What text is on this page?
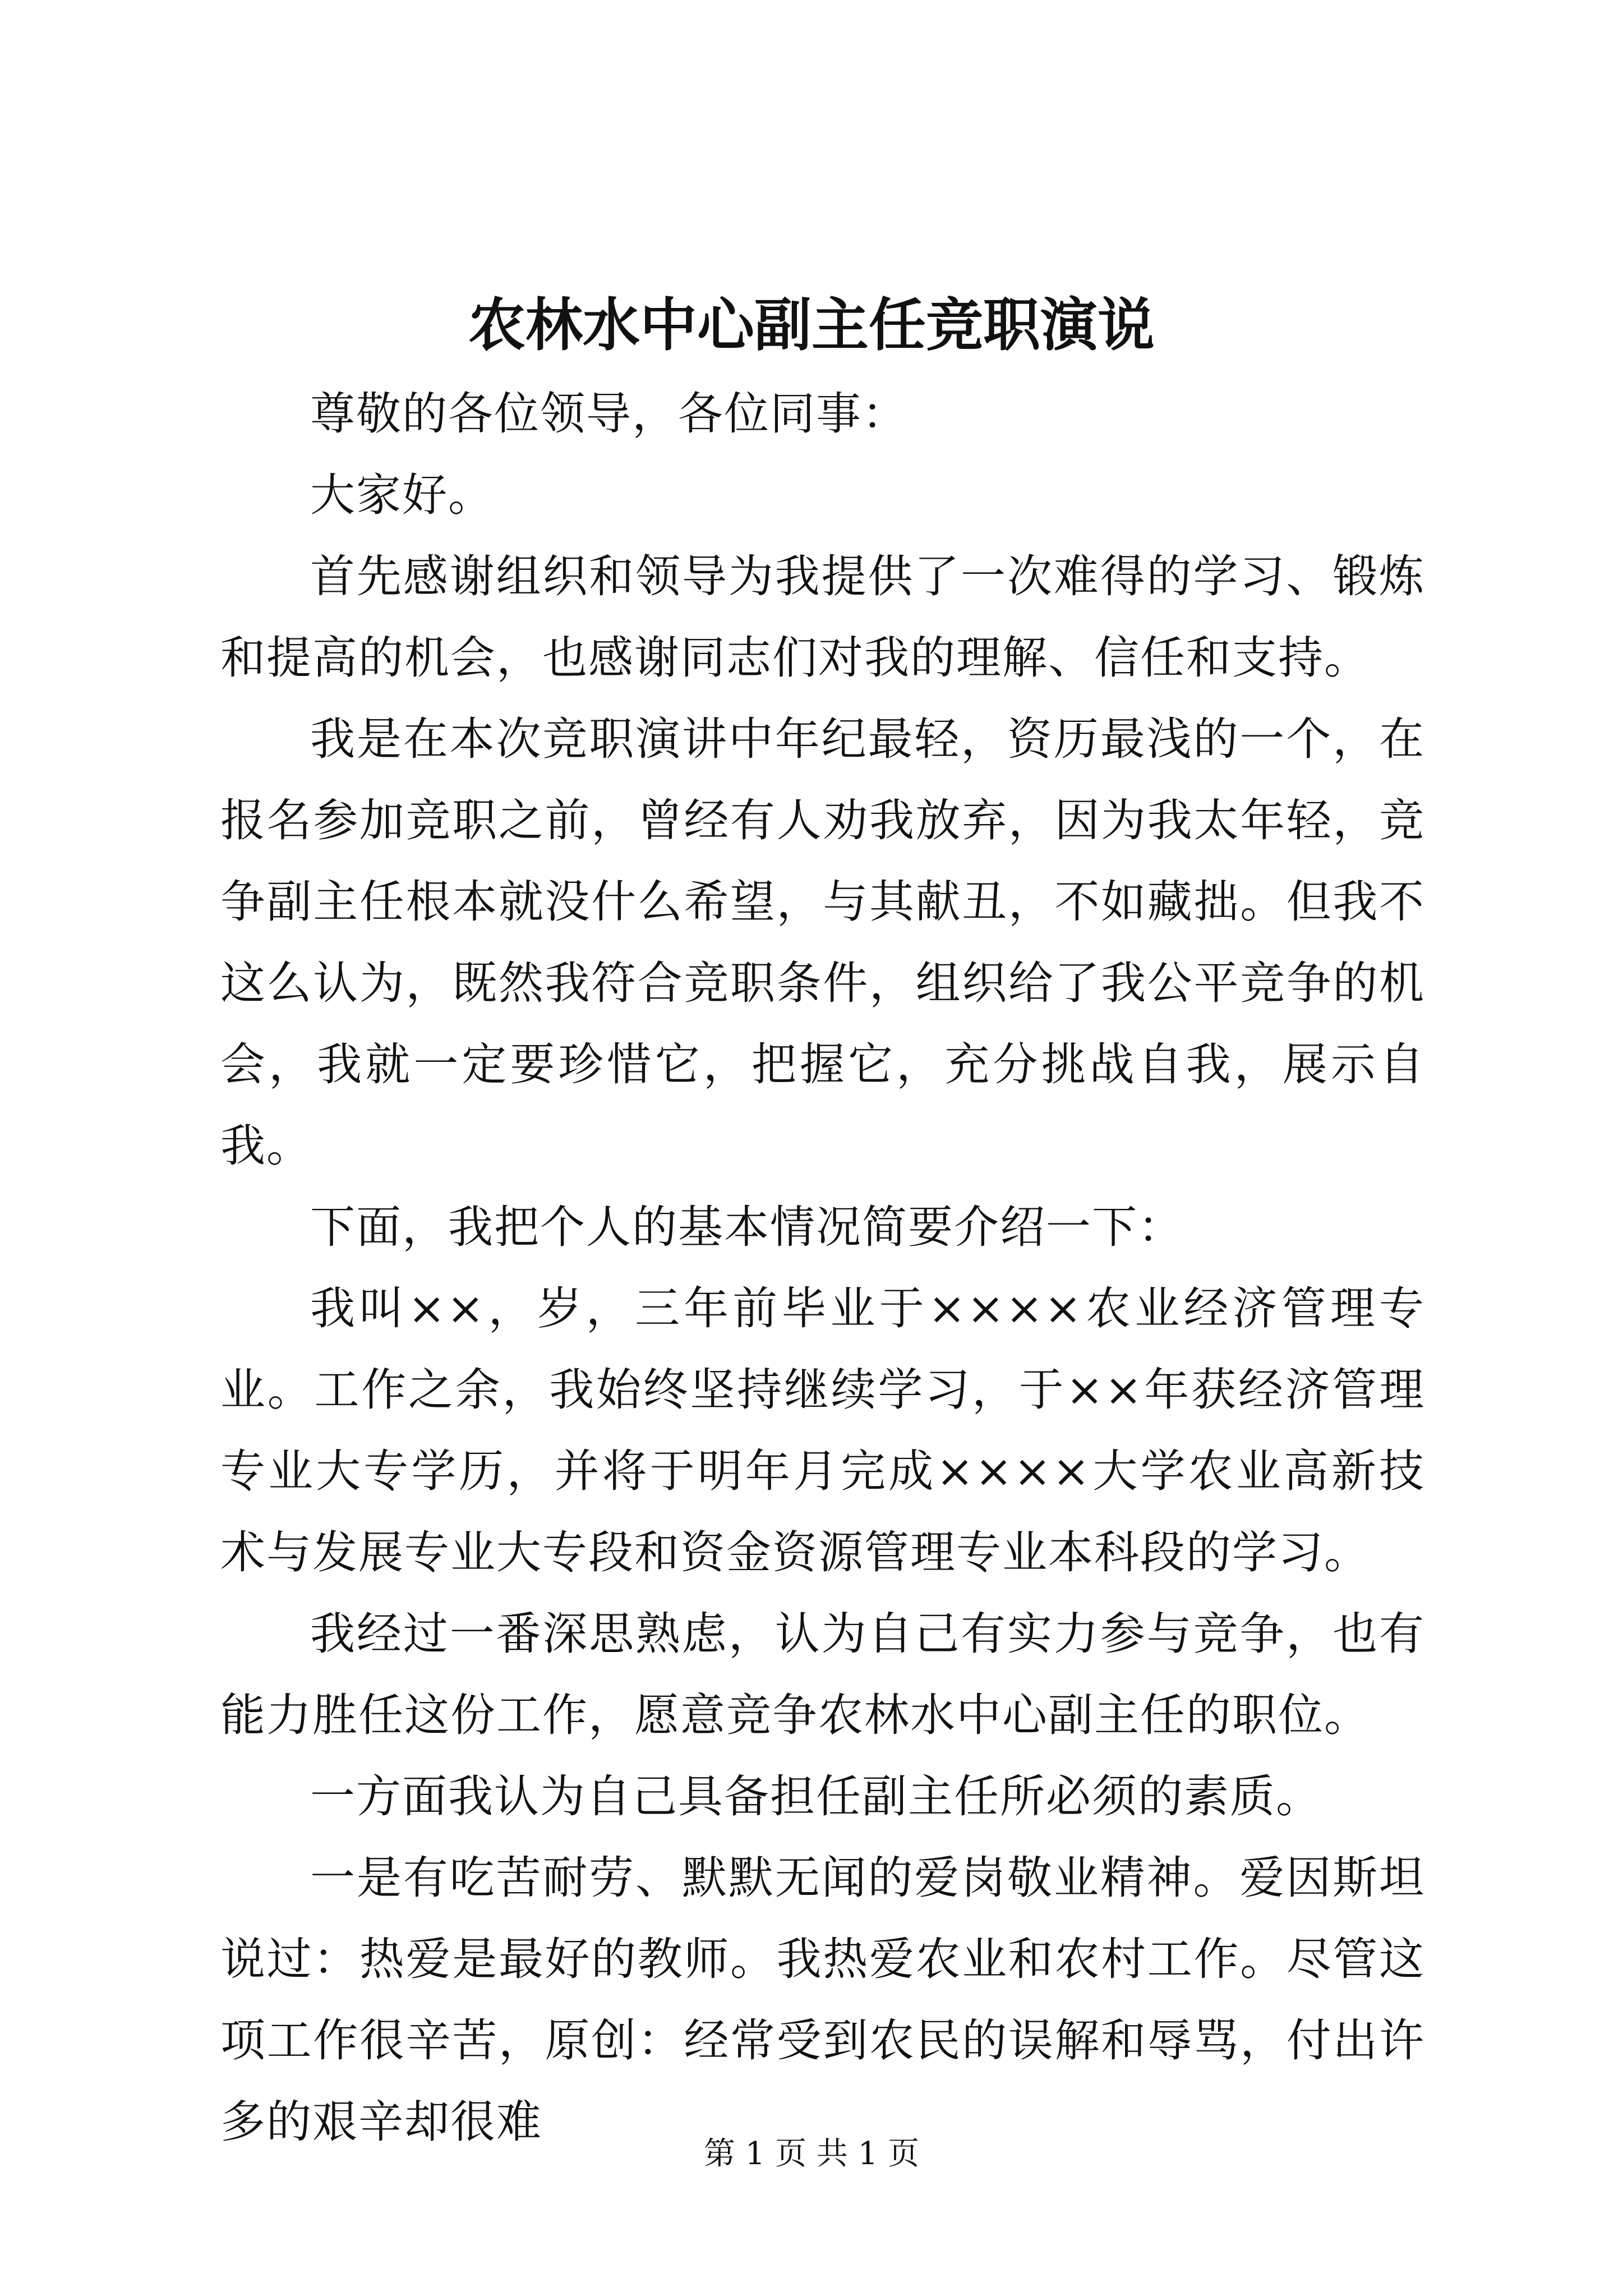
农林水中心副主任竞职演说

尊敬的各位领导，各位同事：

大家好。

首先感谢组织和领导为我提供了一次难得的学习、锻炼和提高的机会，也感谢同志们对我的理解、信任和支持。

我是在本次竞职演讲中年纪最轻，资历最浅的一个，在报名参加竞职之前，曾经有人劝我放弃，因为我太年轻，竞争副主任根本就没什么希望，与其献丑，不如藏拙。但我不这么认为，既然我符合竞职条件，组织给了我公平竞争的机会，我就一定要珍惜它，把握它，充分挑战自我，展示自我。

下面，我把个人的基本情况简要介绍一下：

我叫××，岁，三年前毕业于××××农业经济管理专业。工作之余，我始终坚持继续学习，于××年获经济管理专业大专学历，并将于明年月完成××××大学农业高新技术与发展专业大专段和资金资源管理专业本科段的学习。

我经过一番深思熟虑，认为自己有实力参与竞争，也有能力胜任这份工作，愿意竞争农林水中心副主任的职位。

一方面我认为自己具备担任副主任所必须的素质。

一是有吃苦耐劳、默默无闻的爱岗敬业精神。爱因斯坦说过：热爱是最好的教师。我热爱农业和农村工作。尽管这项工作很辛苦，原创：经常受到农民的误解和辱骂，付出许多的艰辛却很难

第 1 页 共 1 页
